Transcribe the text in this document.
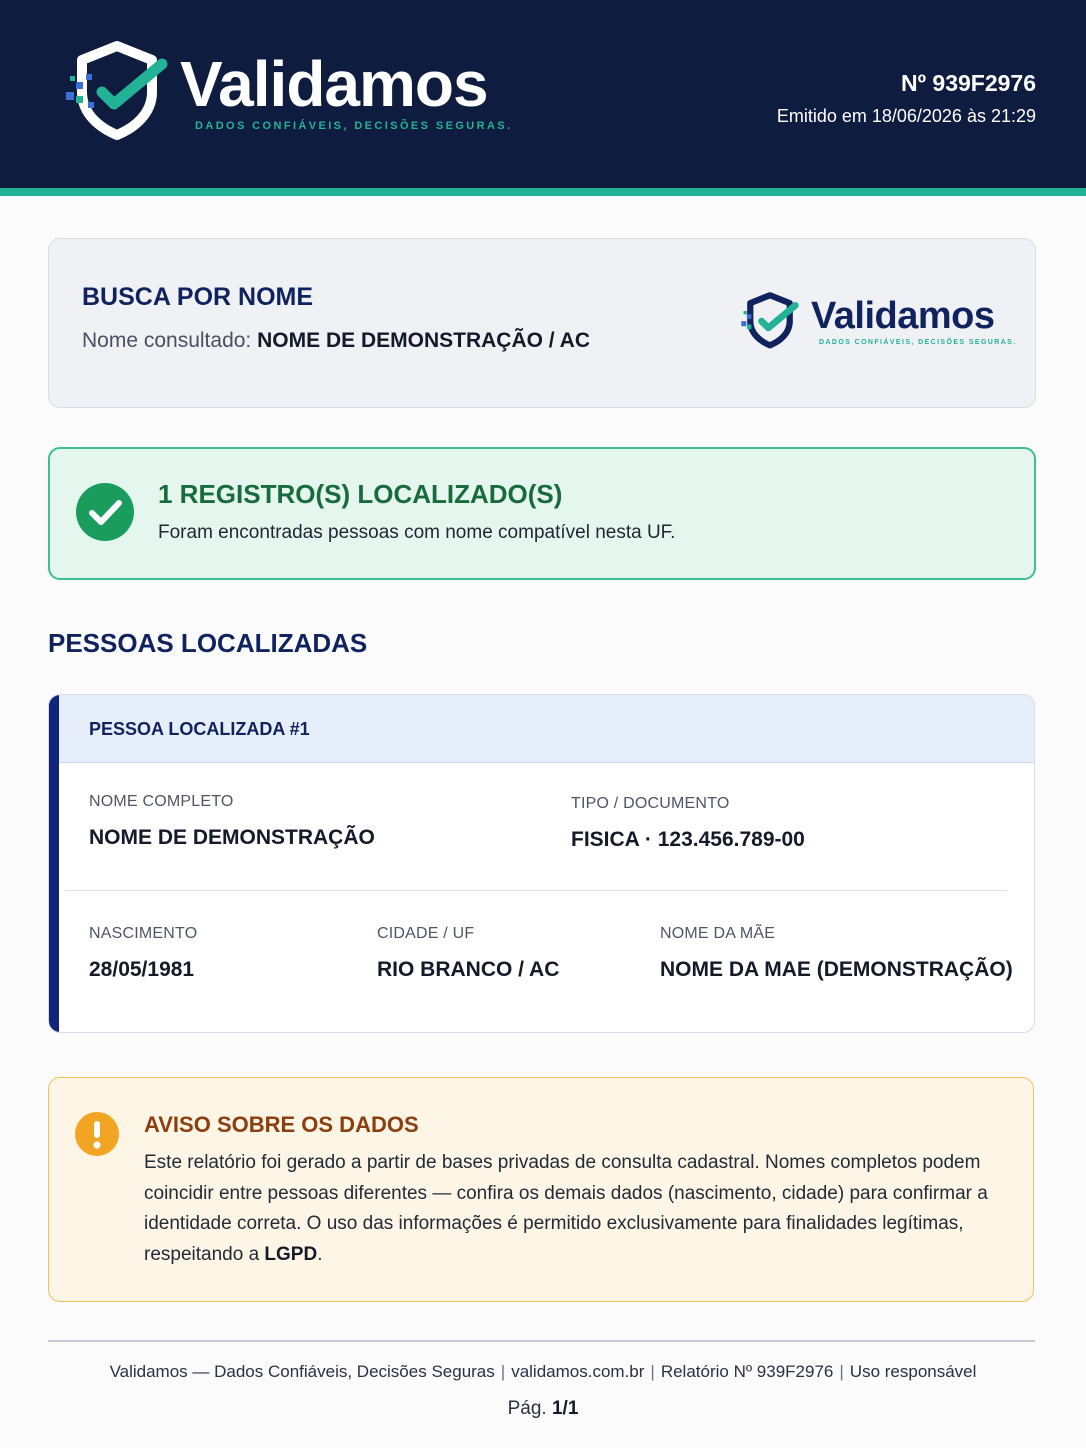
Validamos
DADOS CONFIÁVEIS, DECISÕES SEGURAS.
Nº 939F2976
Emitido em 18/06/2026 às 21:29
BUSCA POR NOME
Nome consultado: NOME DE DEMONSTRAÇÃO / AC
Validamos
DADOS CONFIÁVEIS, DECISÕES SEGURAS.
1 REGISTRO(S) LOCALIZADO(S)
Foram encontradas pessoas com nome compatível nesta UF.
PESSOAS LOCALIZADAS
PESSOA LOCALIZADA #1
NOME COMPLETO
NOME DE DEMONSTRAÇÃO
TIPO / DOCUMENTO
FISICA · 123.456.789-00
NASCIMENTO
28/05/1981
CIDADE / UF
RIO BRANCO / AC
NOME DA MÃE
NOME DA MAE (DEMONSTRAÇÃO)
AVISO SOBRE OS DADOS
Este relatório foi gerado a partir de bases privadas de consulta cadastral. Nomes completos podem coincidir entre pessoas diferentes — confira os demais dados (nascimento, cidade) para confirmar a identidade correta. O uso das informações é permitido exclusivamente para finalidades legítimas, respeitando a LGPD.
Validamos — Dados Confiáveis, Decisões Seguras | validamos.com.br | Relatório Nº 939F2976 | Uso responsável
Pág. 1/1
